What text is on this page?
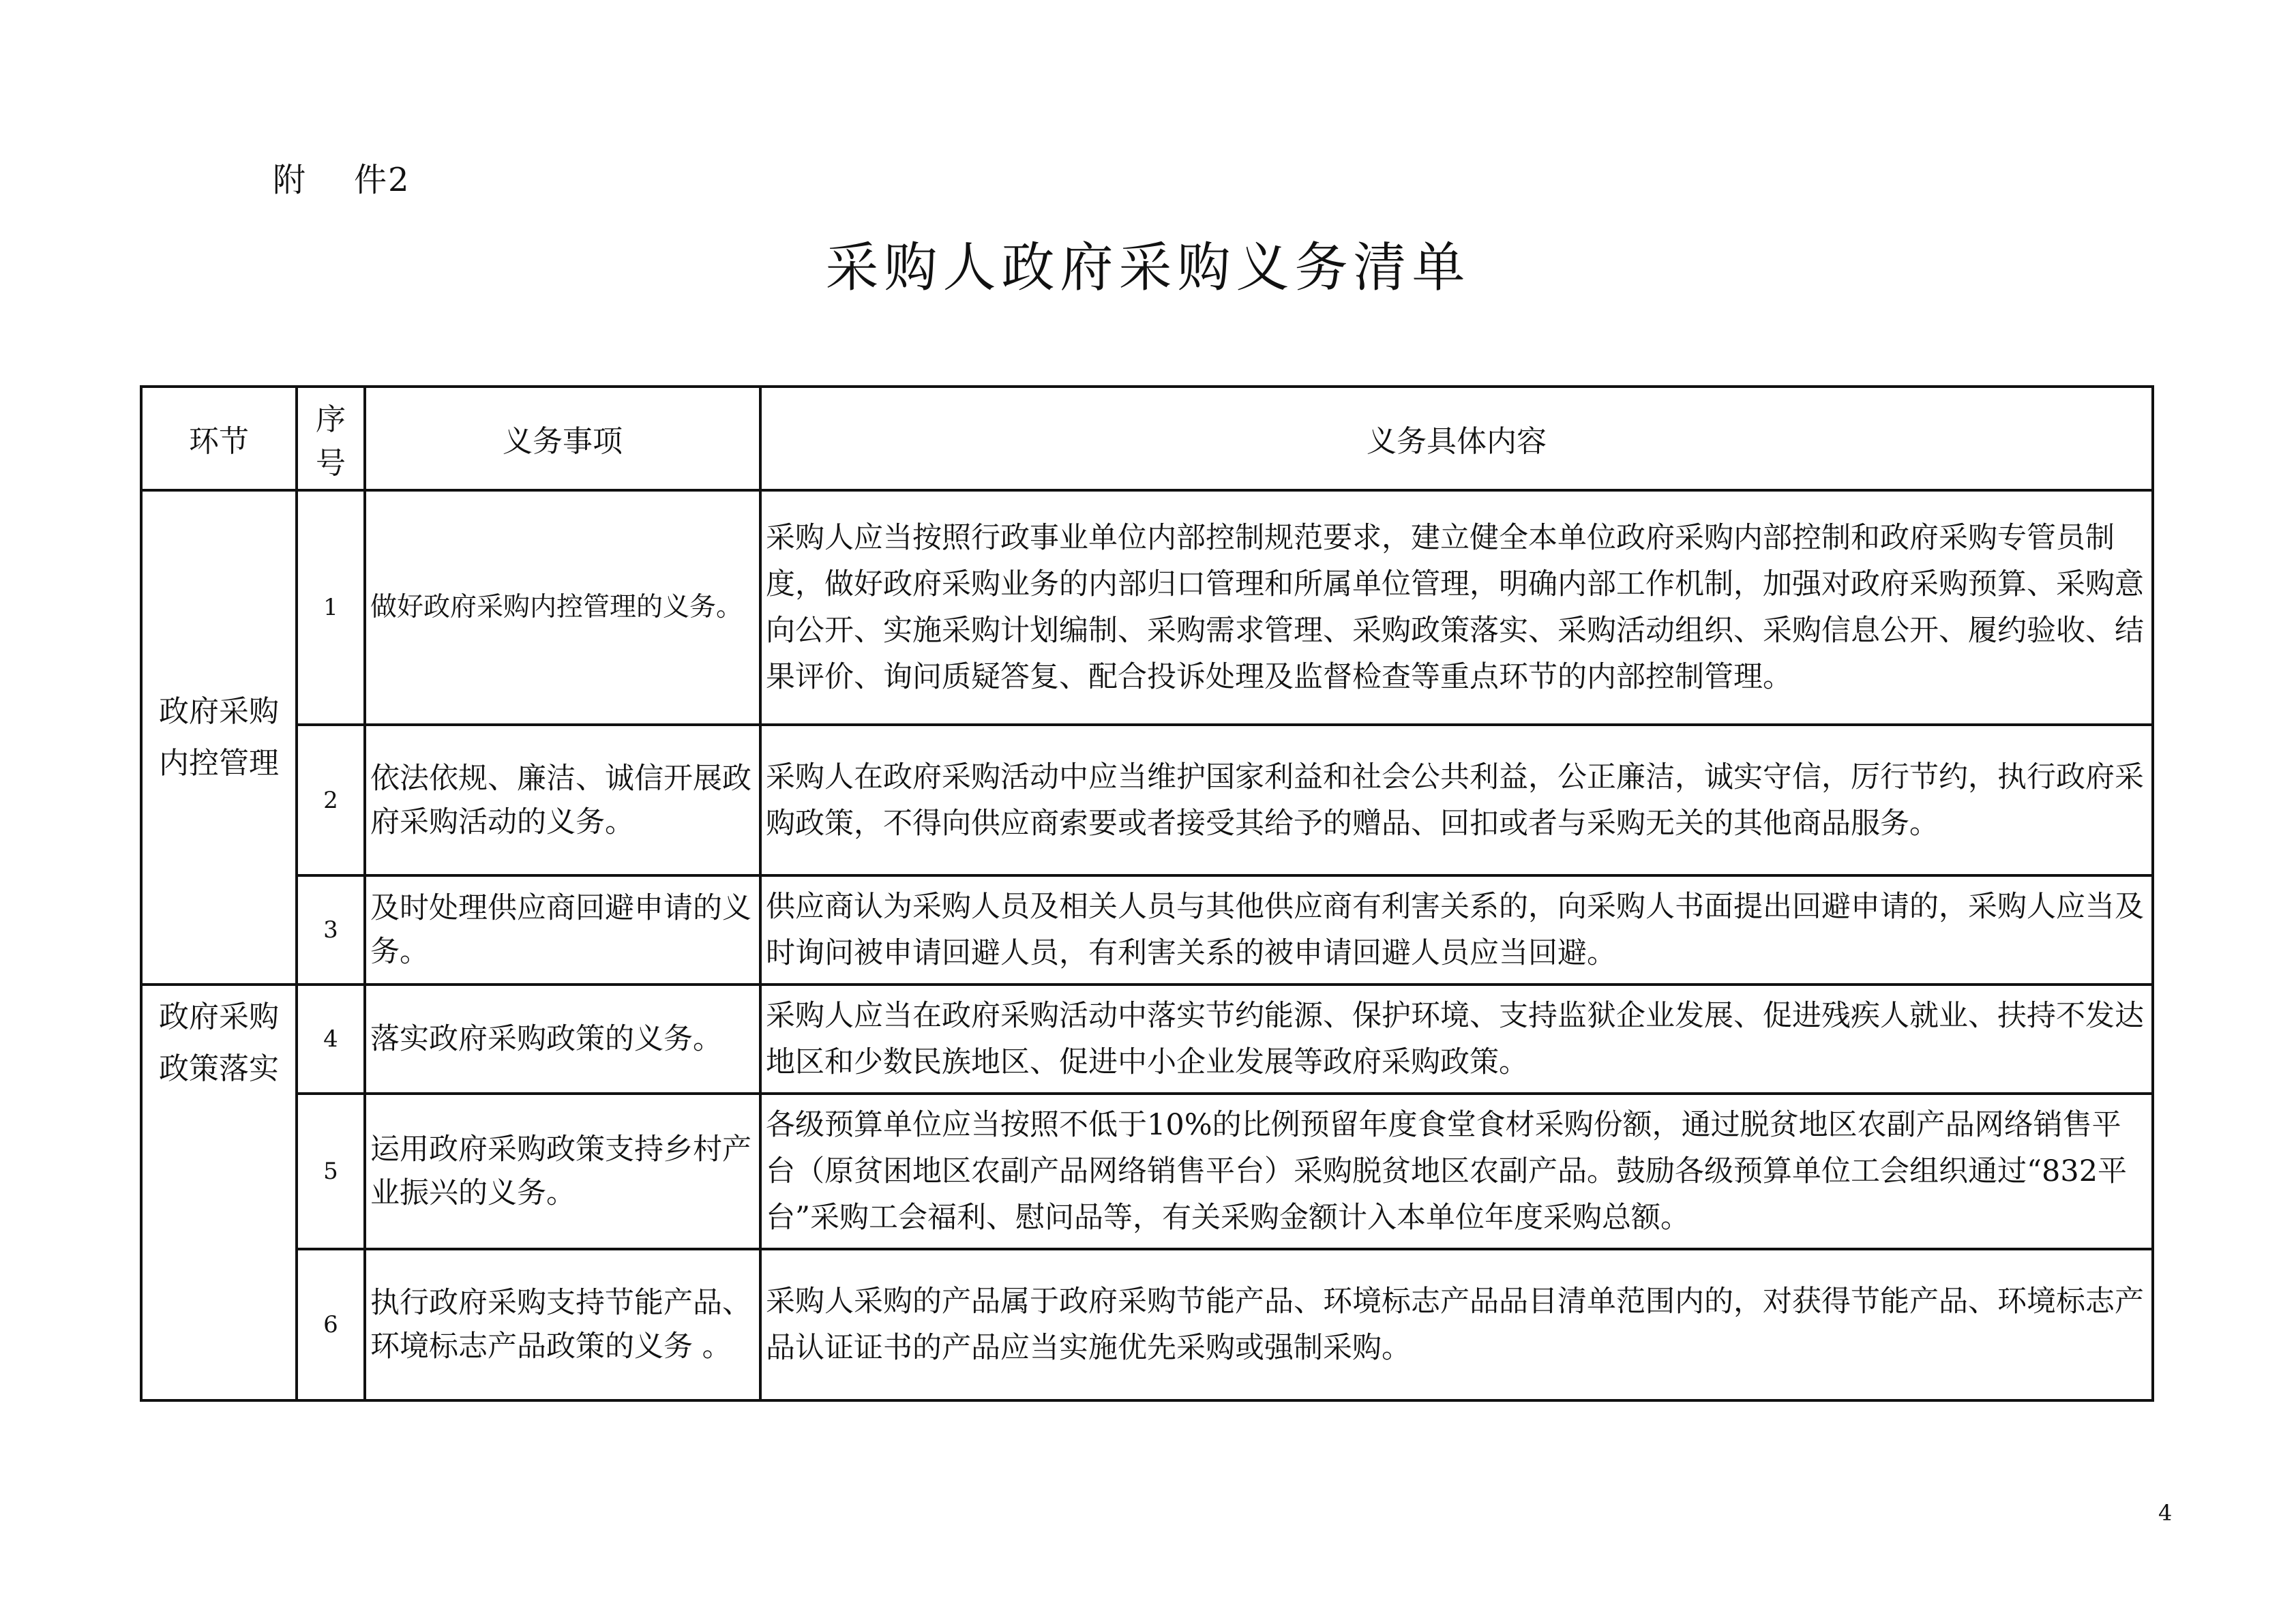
附    件2
采购人政府采购义务清单
环节	序号	义务事项	义务具体内容
政府采购内控管理	1	做好政府采购内控管理的义务。	采购人应当按照行政事业单位内部控制规范要求，建立健全本单位政府采购内部控制和政府采购专管员制度，做好政府采购业务的内部归口管理和所属单位管理，明确内部工作机制，加强对政府采购预算、采购意向公开、实施采购计划编制、采购需求管理、采购政策落实、采购活动组织、采购信息公开、履约验收、结果评价、询问质疑答复、配合投诉处理及监督检查等重点环节的内部控制管理。
	2	依法依规、廉洁、诚信开展政府采购活动的义务。	采购人在政府采购活动中应当维护国家利益和社会公共利益，公正廉洁，诚实守信，厉行节约，执行政府采购政策，不得向供应商索要或者接受其给予的赠品、回扣或者与采购无关的其他商品服务。
	3	及时处理供应商回避申请的义务。	供应商认为采购人员及相关人员与其他供应商有利害关系的，向采购人书面提出回避申请的，采购人应当及时询问被申请回避人员，有利害关系的被申请回避人员应当回避。
政府采购政策落实	4	落实政府采购政策的义务。	采购人应当在政府采购活动中落实节约能源、保护环境、支持监狱企业发展、促进残疾人就业、扶持不发达地区和少数民族地区、促进中小企业发展等政府采购政策。
	5	运用政府采购政策支持乡村产业振兴的义务。	各级预算单位应当按照不低于10%的比例预留年度食堂食材采购份额，通过脱贫地区农副产品网络销售平台（原贫困地区农副产品网络销售平台）采购脱贫地区农副产品。鼓励各级预算单位工会组织通过“832平台”采购工会福利、慰问品等，有关采购金额计入本单位年度采购总额。
	6	执行政府采购支持节能产品、环境标志产品政策的义务 。	采购人采购的产品属于政府采购节能产品、环境标志产品品目清单范围内的，对获得节能产品、环境标志产品认证证书的产品应当实施优先采购或强制采购。
4
